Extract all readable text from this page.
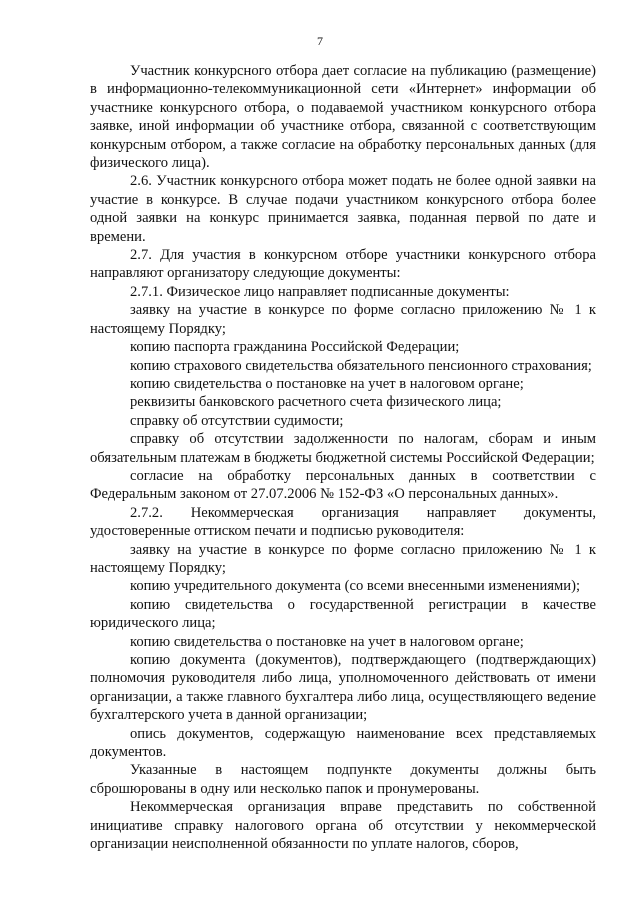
7

Участник конкурсного отбора дает согласие на публикацию (размещение) в информационно-телекоммуникационной сети «Интернет» информации об участнике конкурсного отбора, о подаваемой участником конкурсного отбора заявке, иной информации об участнике отбора, связанной с соответствующим конкурсным отбором, а также согласие на обработку персональных данных (для физического лица).

2.6. Участник конкурсного отбора может подать не более одной заявки на участие в конкурсе. В случае подачи участником конкурсного отбора более одной заявки на конкурс принимается заявка, поданная первой по дате и времени.

2.7. Для участия в конкурсном отборе участники конкурсного отбора направляют организатору следующие документы:

2.7.1. Физическое лицо направляет подписанные документы:

заявку на участие в конкурсе по форме согласно приложению № 1 к настоящему Порядку;

копию паспорта гражданина Российской Федерации;

копию страхового свидетельства обязательного пенсионного страхования;

копию свидетельства о постановке на учет в налоговом органе;

реквизиты банковского расчетного счета физического лица;

справку об отсутствии судимости;

справку об отсутствии задолженности по налогам, сборам и иным обязательным платежам в бюджеты бюджетной системы Российской Федерации;

согласие на обработку персональных данных в соответствии с Федеральным законом от 27.07.2006 № 152-ФЗ «О персональных данных».

2.7.2. Некоммерческая организация направляет документы, удостоверенные оттиском печати и подписью руководителя:

заявку на участие в конкурсе по форме согласно приложению № 1 к настоящему Порядку;

копию учредительного документа (со всеми внесенными изменениями);

копию свидетельства о государственной регистрации в качестве юридического лица;

копию свидетельства о постановке на учет в налоговом органе;

копию документа (документов), подтверждающего (подтверждающих) полномочия руководителя либо лица, уполномоченного действовать от имени организации, а также главного бухгалтера либо лица, осуществляющего ведение бухгалтерского учета в данной организации;

опись документов, содержащую наименование всех представляемых документов.

Указанные в настоящем подпункте документы должны быть сброшюрованы в одну или несколько папок и пронумерованы.

Некоммерческая организация вправе представить по собственной инициативе справку налогового органа об отсутствии у некоммерческой организации неисполненной обязанности по уплате налогов, сборов,
